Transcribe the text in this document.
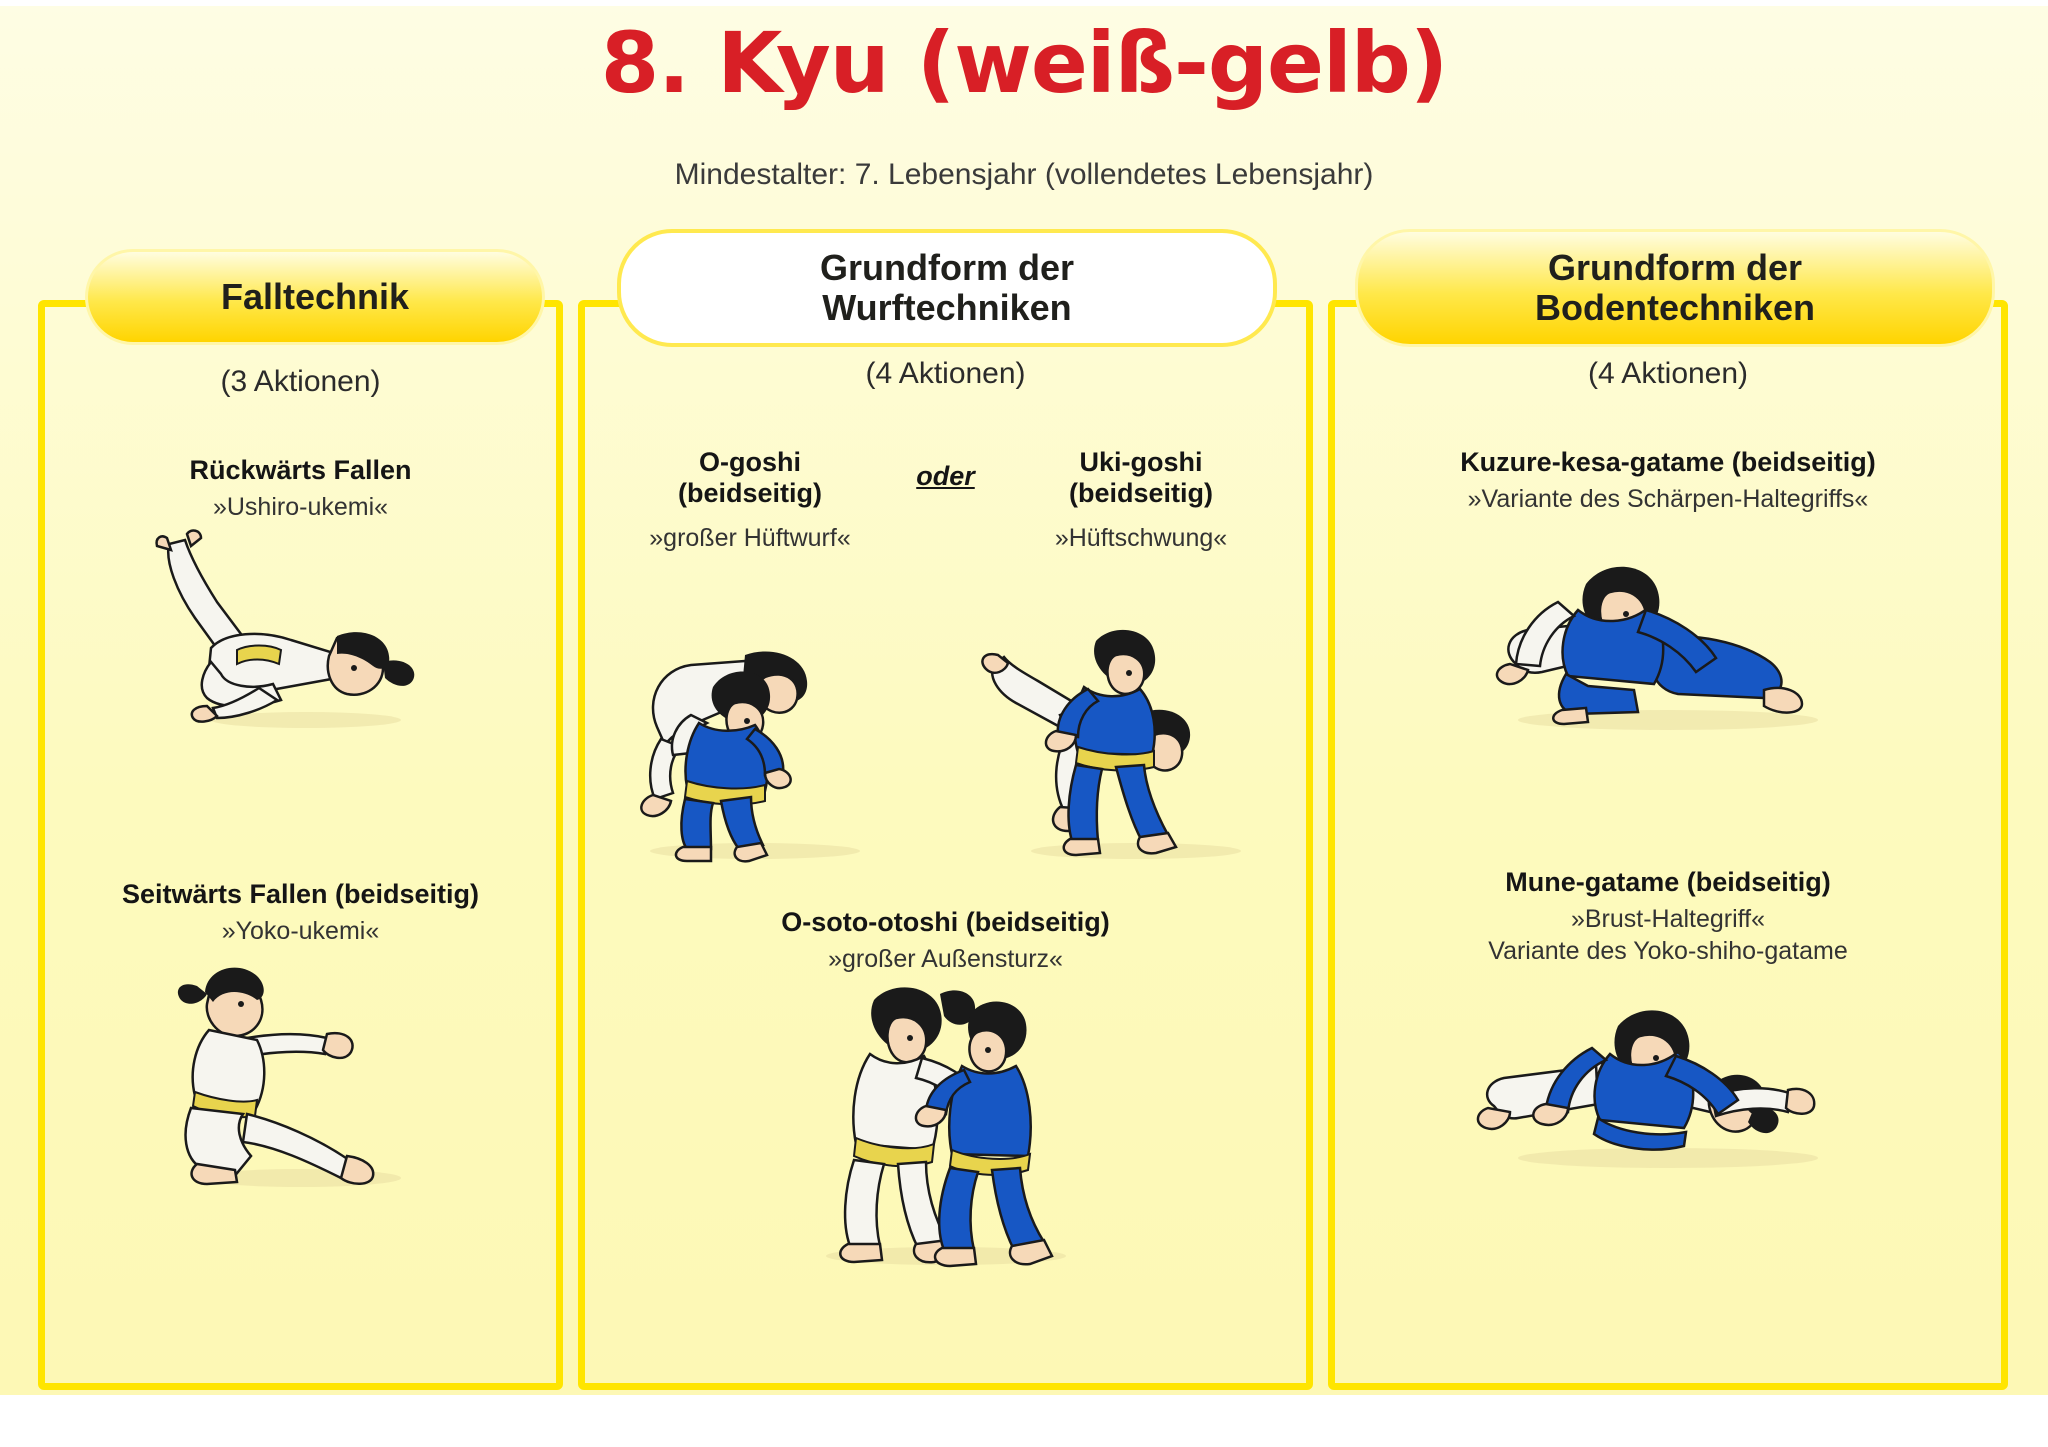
8. Kyu (weiß-gelb)
Mindestalter: 7. Lebensjahr (vollendetes Lebensjahr)
Falltechnik
(3 Aktionen)
Rückwärts Fallen
»Ushiro-ukemi«
Seitwärts Fallen (beidseitig)
»Yoko-ukemi«
Grundform der
Wurftechniken
(4 Aktionen)
O-goshi
(beidseitig)
»großer Hüftwurf«
oder	Uki-goshi
(beidseitig)
»Hüftschwung«
O-soto-otoshi (beidseitig)
»großer Außensturz«
Grundform der
Bodentechniken
(4 Aktionen)
Kuzure-kesa-gatame (beidseitig)
»Variante des Schärpen-Haltegriffs«
Mune-gatame (beidseitig)
»Brust-Haltegriff«
Variante des Yoko-shiho-gatame
